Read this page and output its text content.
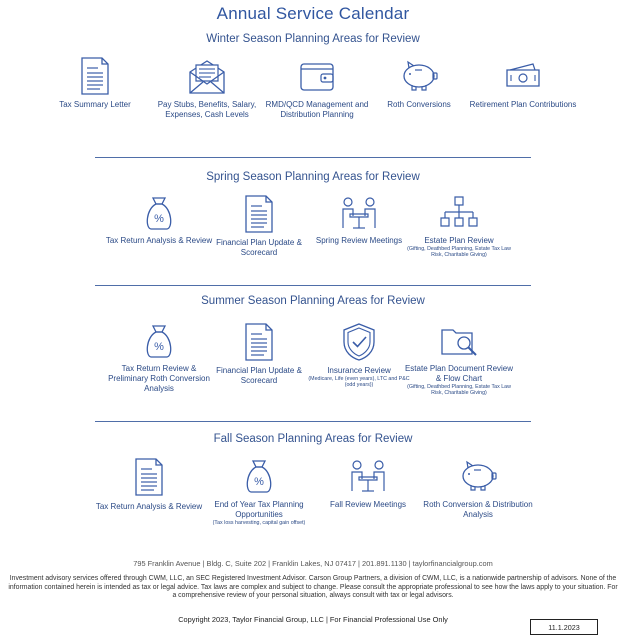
Annual Service Calendar
Winter Season Planning Areas for Review
Tax Summary Letter	Pay Stubs, Benefits, Salary, Expenses, Cash Levels
RMD/QCD Management and Distribution Planning
Roth Conversions	Retirement Plan Contributions
Spring Season Planning Areas for Review
%
Tax Return Analysis & Review Financial Plan Update & Scorecard
Spring Review Meetings	Estate Plan Review
(Gifting, Deathbed Planning, Estate Tax Law Risk, Charitable Giving)
Summer Season Planning Areas for Review
%
Tax Return Review & Preliminary Roth Conversion Analysis
Financial Plan Update & Scorecard
Insurance Review
(Medicare, Life (even years), LTC and P&C (odd years))
Estate Plan Document Review & Flow Chart
(Gifting, Deathbed Planning, Estate Tax Law Risk, Charitable Giving)
Fall Season Planning Areas for Review
Tax Return Analysis & Review
%
End of Year Tax Planning Opportunities
(Tax loss harvesting, capital gain offset)
Fall Review Meetings	Roth Conversion & Distribution Analysis
795 Franklin Avenue | Bldg. C, Suite 202 | Franklin Lakes, NJ 07417 | 201.891.1130 | taylorfinancialgroup.com
Investment advisory services offered through CWM, LLC, an SEC Registered Investment Advisor. Carson Group Partners, a division of CWM, LLC, is a nationwide partnership of advisors. None of the information contained herein is intended as tax or legal advice. Tax laws are complex and subject to change. Please consult the appropriate professional to see how the laws apply to your situation. For a comprehensive review of your personal situation, always consult with tax or legal advisors.
Copyright 2023, Taylor Financial Group, LLC | For Financial Professional Use Only
11.1.2023
